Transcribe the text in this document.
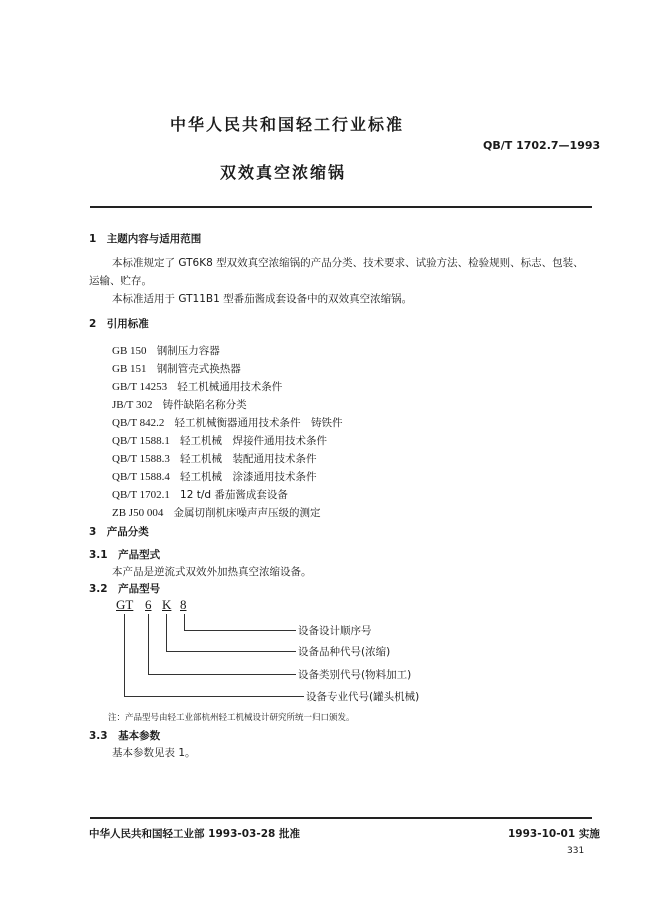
中华人民共和国轻工行业标准
QB/T 1702.7—1993
双效真空浓缩锅
1　主题内容与适用范围
本标准规定了 GT6K8 型双效真空浓缩锅的产品分类、技术要求、试验方法、检验规则、标志、包装、
运输、贮存。
本标准适用于 GT11B1 型番茄酱成套设备中的双效真空浓缩锅。
2　引用标准
GB 150 钢制压力容器
GB 151 钢制管壳式换热器
GB/T 14253 轻工机械通用技术条件
JB/T 302 铸件缺陷名称分类
QB/T 842.2 轻工机械衡器通用技术条件　铸铁件
QB/T 1588.1 轻工机械　焊接件通用技术条件
QB/T 1588.3 轻工机械　装配通用技术条件
QB/T 1588.4 轻工机械　涂漆通用技术条件
QB/T 1702.1 12 t/d 番茄酱成套设备
ZB J50 004 金属切削机床噪声声压级的测定
3　产品分类
3.1　产品型式
本产品是逆流式双效外加热真空浓缩设备。
3.2　产品型号
GT 6 K 8
设备设计顺序号
设备品种代号(浓缩)
设备类别代号(物料加工)
设备专业代号(罐头机械)
注：产品型号由轻工业部杭州轻工机械设计研究所统一归口颁发。
3.3　基本参数
基本参数见表 1。
中华人民共和国轻工业部 1993-03-28 批准	1993-10-01 实施
331
